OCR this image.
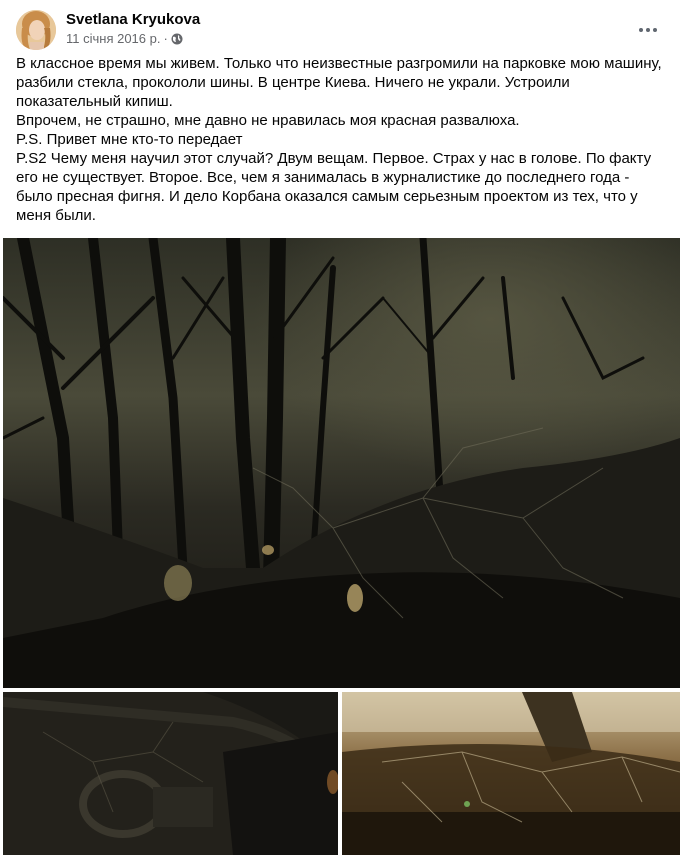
Svetlana Kryukova
11 січня 2016 р. ·

В классное время мы живем. Только что неизвестные разгромили на парковке мою машину, разбили стекла, прокололи шины. В центре Киева. Ничего не украли. Устроили показательный кипиш.

Впрочем, не страшно, мне давно не нравилась моя красная развалюха.

P.S. Привет мне кто-то передает

P.S2 Чему меня научил этот случай? Двум вещам. Первое. Страх у нас в голове. По факту его не существует. Второе. Все, чем я занималась в журналистике до последнего года - было пресная фигня. И дело Корбана оказался самым серьезным проектом из тех, что у меня были.
